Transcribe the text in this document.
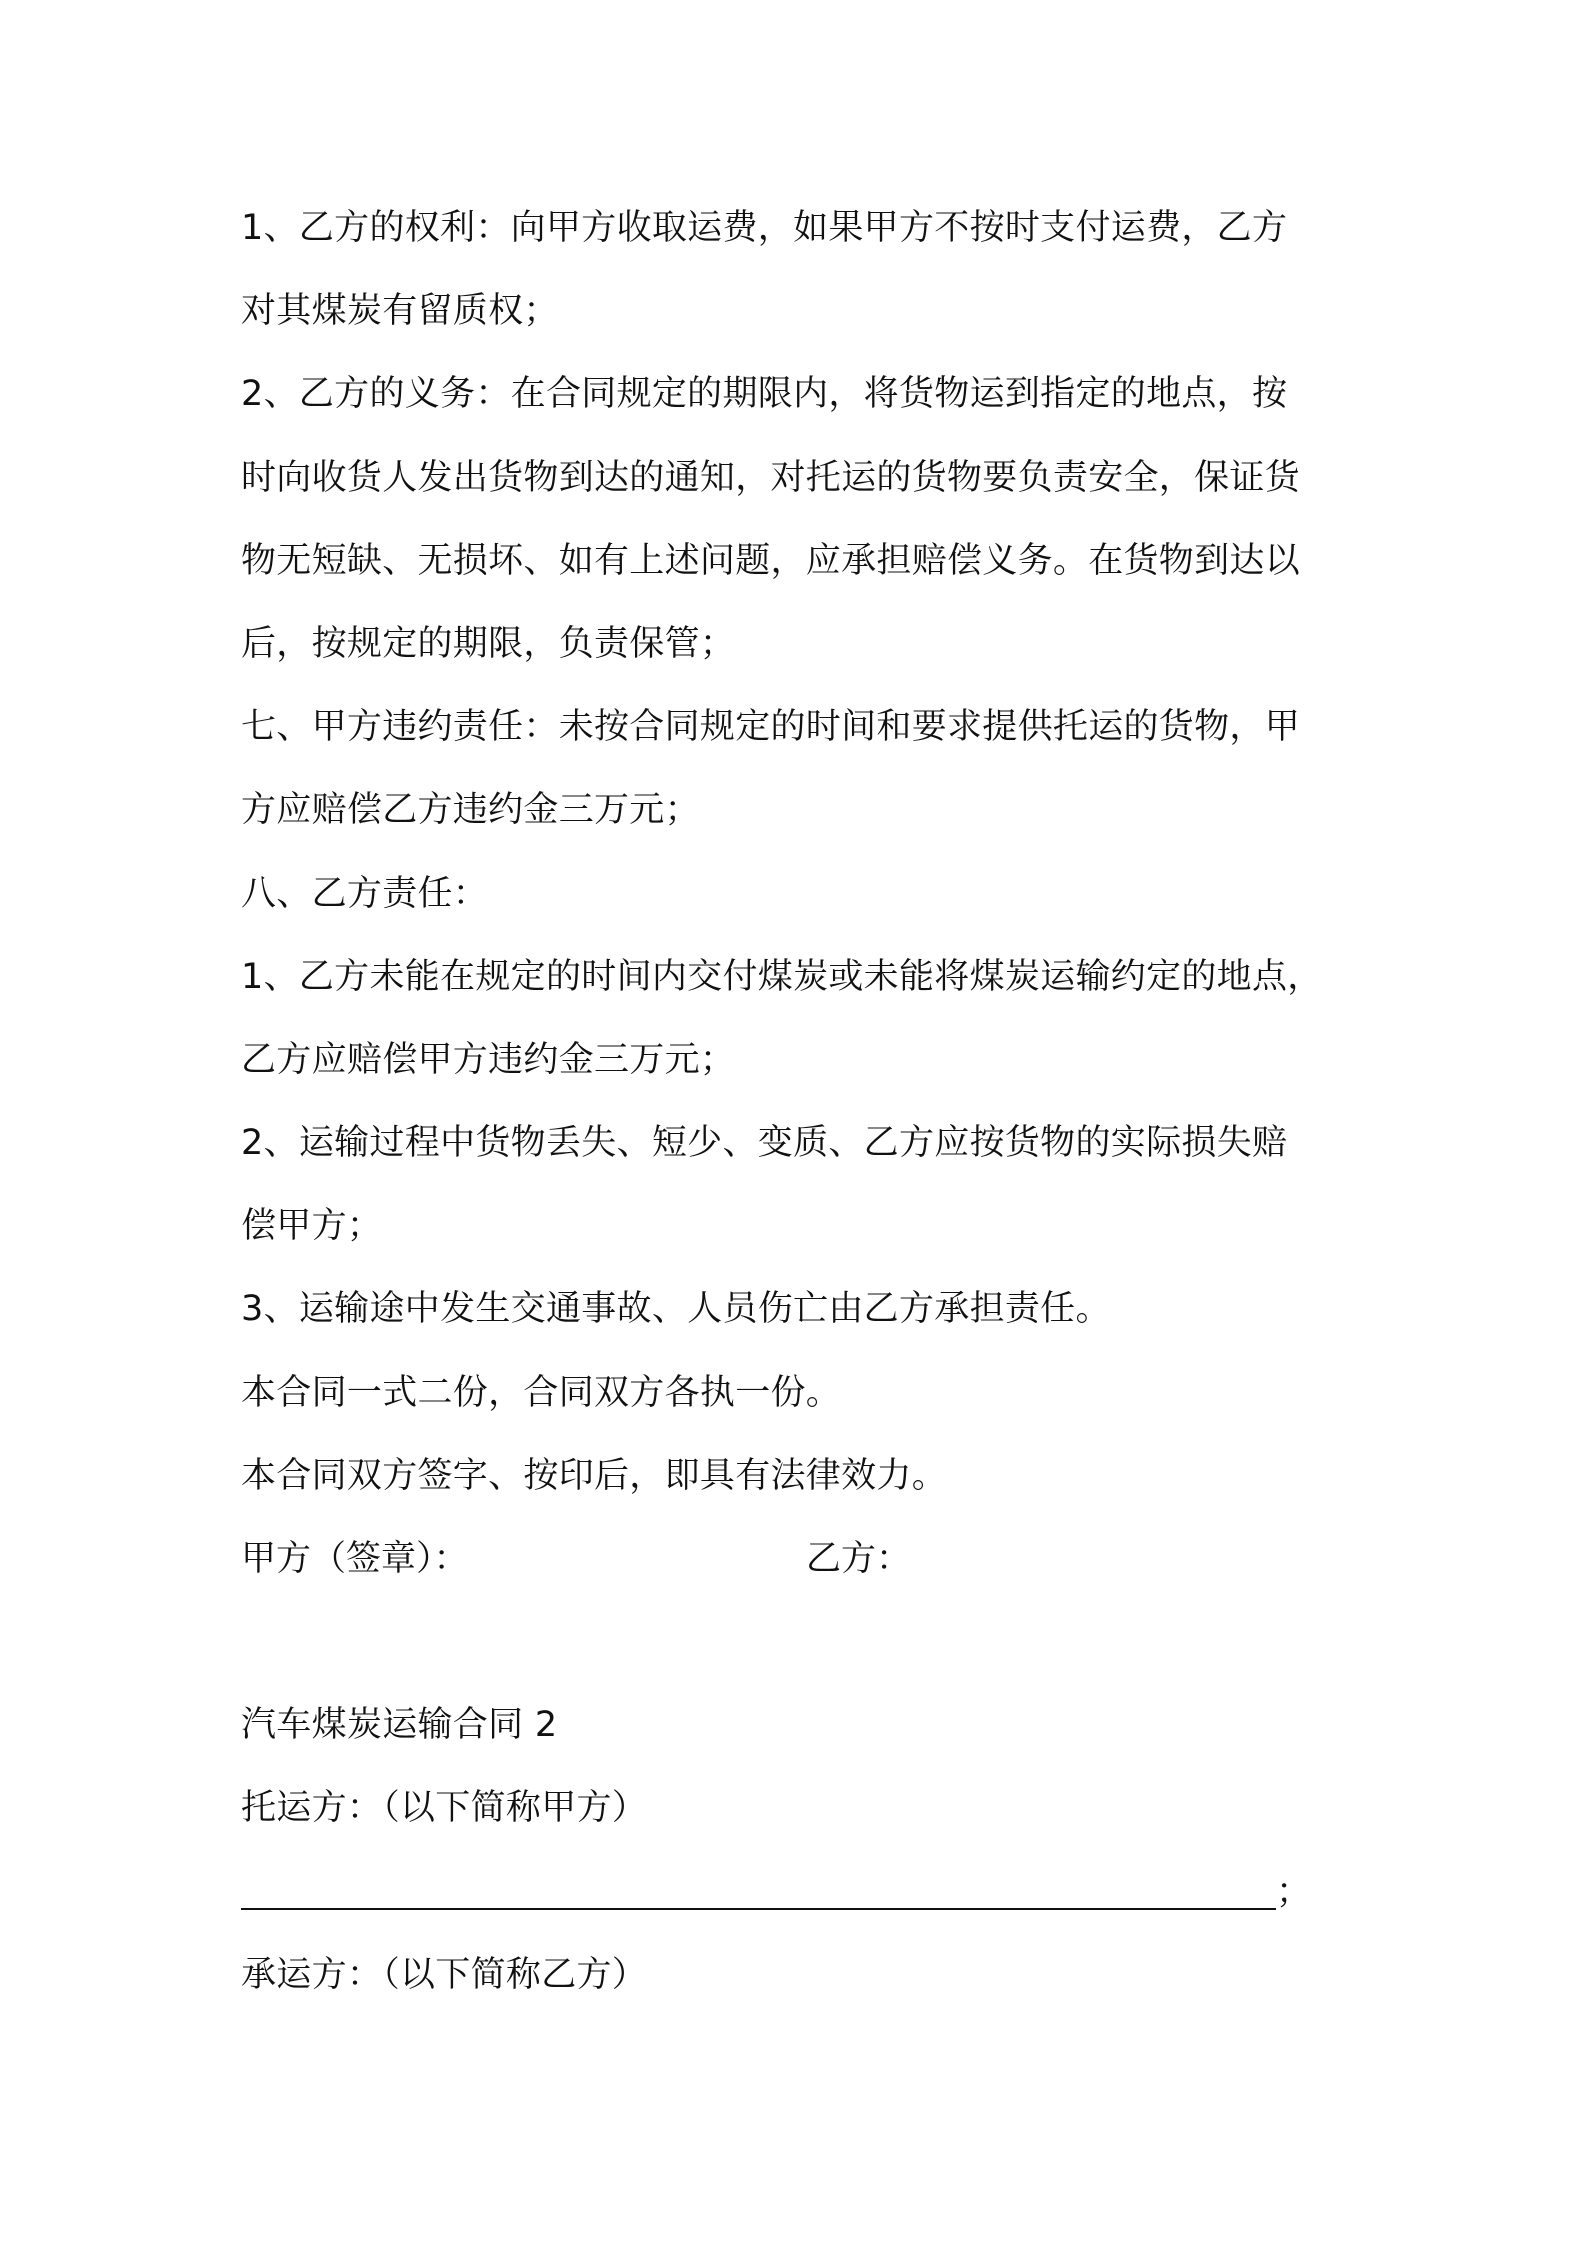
1、乙方的权利：向甲方收取运费，如果甲方不按时支付运费，乙方
对其煤炭有留质权；
2、乙方的义务：在合同规定的期限内，将货物运到指定的地点，按
时向收货人发出货物到达的通知，对托运的货物要负责安全，保证货
物无短缺、无损坏、如有上述问题，应承担赔偿义务。在货物到达以
后，按规定的期限，负责保管；
七、甲方违约责任：未按合同规定的时间和要求提供托运的货物，甲
方应赔偿乙方违约金三万元；
八、乙方责任：
1、乙方未能在规定的时间内交付煤炭或未能将煤炭运输约定的地点，
乙方应赔偿甲方违约金三万元；
2、运输过程中货物丢失、短少、变质、乙方应按货物的实际损失赔
偿甲方；
3、运输途中发生交通事故、人员伤亡由乙方承担责任。
本合同一式二份，合同双方各执一份。
本合同双方签字、按印后，即具有法律效力。
甲方（签章）：	乙方：
汽车煤炭运输合同 2
托运方：（以下简称甲方）
；
承运方：（以下简称乙方）
